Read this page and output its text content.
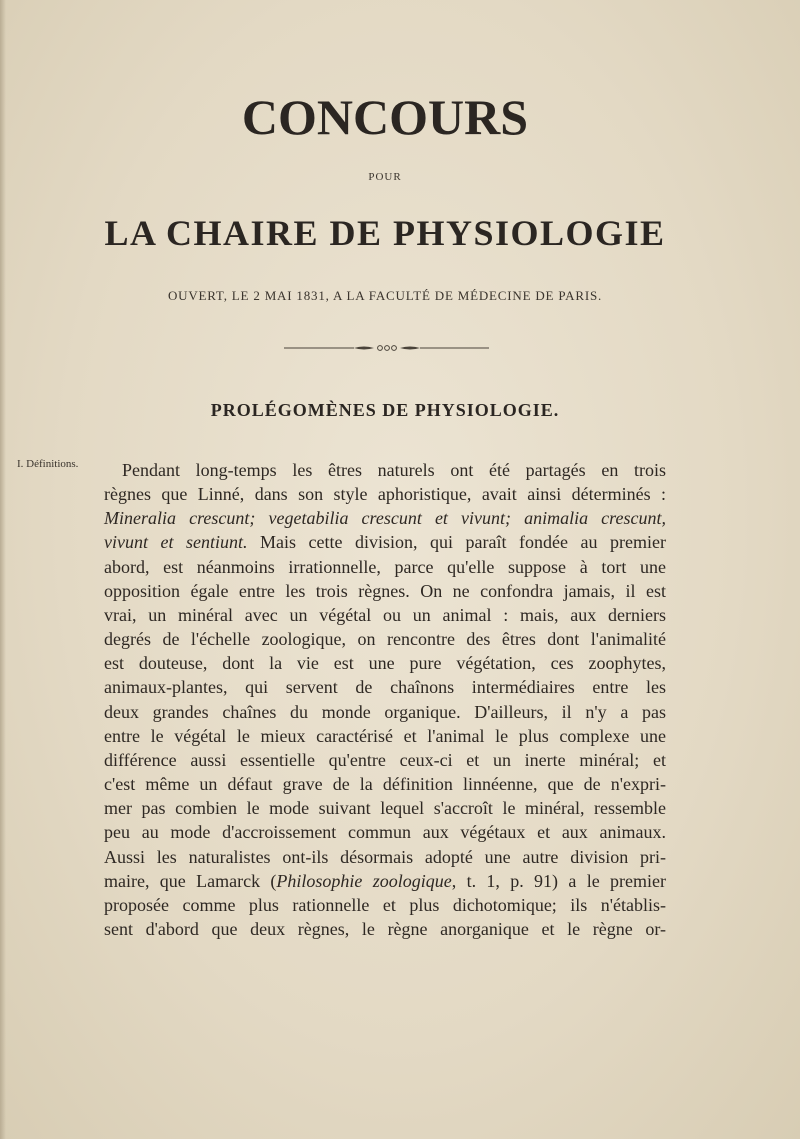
CONCOURS
POUR
LA CHAIRE DE PHYSIOLOGIE
OUVERT, LE 2 MAI 1831, A LA FACULTÉ DE MÉDECINE DE PARIS.
PROLÉGOMÈNES DE PHYSIOLOGIE.
I. Définitions.	Pendant long-temps les êtres naturels ont été partagés en trois
règnes que Linné, dans son style aphoristique, avait ainsi déterminés :
Mineralia crescunt; vegetabilia crescunt et vivunt; animalia crescunt,
vivunt et sentiunt. Mais cette division, qui paraît fondée au premier
abord, est néanmoins irrationnelle, parce qu'elle suppose à tort une
opposition égale entre les trois règnes. On ne confondra jamais, il est
vrai, un minéral avec un végétal ou un animal : mais, aux derniers
degrés de l'échelle zoologique, on rencontre des êtres dont l'animalité
est douteuse, dont la vie est une pure végétation, ces zoophytes,
animaux-plantes, qui servent de chaînons intermédiaires entre les
deux grandes chaînes du monde organique. D'ailleurs, il n'y a pas
entre le végétal le mieux caractérisé et l'animal le plus complexe une
différence aussi essentielle qu'entre ceux-ci et un inerte minéral; et
c'est même un défaut grave de la définition linnéenne, que de n'expri-
mer pas combien le mode suivant lequel s'accroît le minéral, ressemble
peu au mode d'accroissement commun aux végétaux et aux animaux.
Aussi les naturalistes ont-ils désormais adopté une autre division pri-
maire, que Lamarck (Philosophie zoologique, t. 1, p. 91) a le premier
proposée comme plus rationnelle et plus dichotomique; ils n'établis-
sent d'abord que deux règnes, le règne anorganique et le règne or-
